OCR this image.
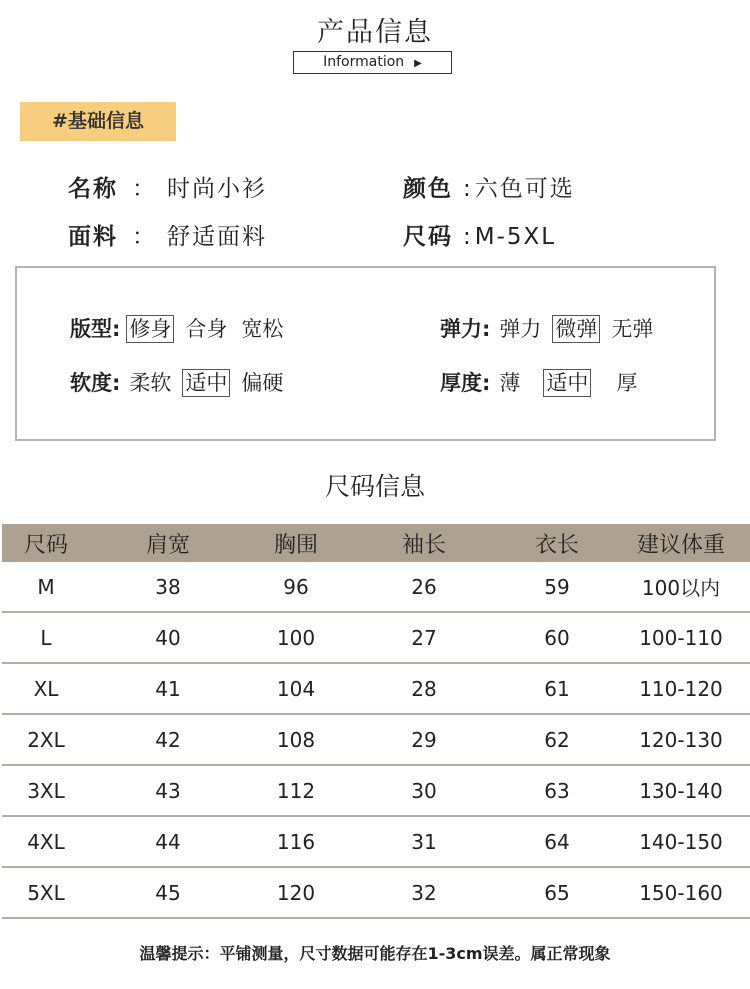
产品信息
Information ▶
#基础信息
名称 ： 时尚小衫	颜色 :六色可选
面料 ： 舒适面料	尺码 :M-5XL
版型: 修身 合身 宽松	弹力: 弹力 微弹 无弹
软度: 柔软 适中 偏硬	厚度: 薄 适中 厚
尺码信息
尺码	肩宽	胸围	袖长	衣长	建议体重
M	38	96	26	59	100以内
L	40	100	27	60	100-110
XL	41	104	28	61	110-120
2XL	42	108	29	62	120-130
3XL	43	112	30	63	130-140
4XL	44	116	31	64	140-150
5XL	45	120	32	65	150-160
温馨提示：平铺测量，尺寸数据可能存在1-3cm误差。属正常现象
